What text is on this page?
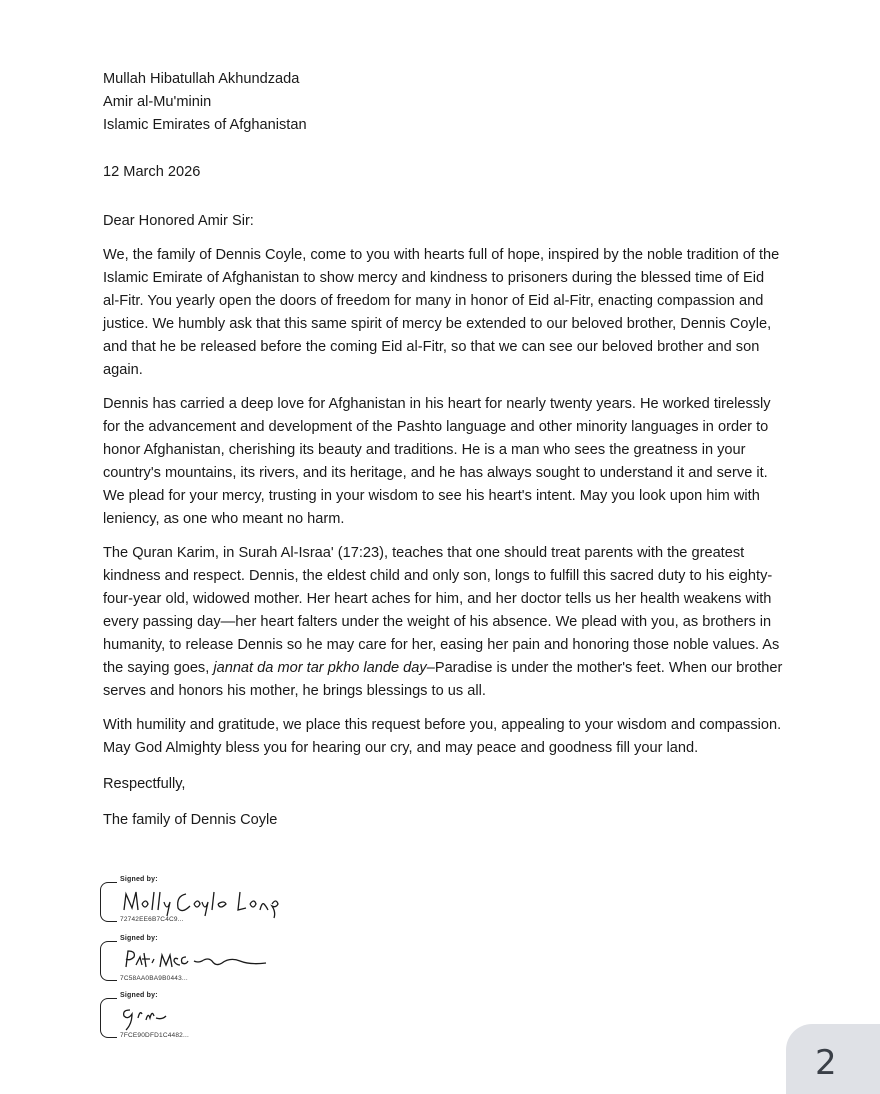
Mullah Hibatullah Akhundzada

Amir al-Mu'minin

Islamic Emirates of Afghanistan

12 March 2026

Dear Honored Amir Sir:

We, the family of Dennis Coyle, come to you with hearts full of hope, inspired by the noble tradition of the Islamic Emirate of Afghanistan to show mercy and kindness to prisoners during the blessed time of Eid al-Fitr. You yearly open the doors of freedom for many in honor of Eid al-Fitr, enacting compassion and justice. We humbly ask that this same spirit of mercy be extended to our beloved brother, Dennis Coyle, and that he be released before the coming Eid al-Fitr, so that we can see our beloved brother and son again.

Dennis has carried a deep love for Afghanistan in his heart for nearly twenty years. He worked tirelessly for the advancement and development of the Pashto language and other minority languages in order to honor Afghanistan, cherishing its beauty and traditions. He is a man who sees the greatness in your country's mountains, its rivers, and its heritage, and he has always sought to understand it and serve it. We plead for your mercy, trusting in your wisdom to see his heart's intent. May you look upon him with leniency, as one who meant no harm.

The Quran Karim, in Surah Al-Israa' (17:23), teaches that one should treat parents with the greatest kindness and respect. Dennis, the eldest child and only son, longs to fulfill this sacred duty to his eighty-four-year old, widowed mother. Her heart aches for him, and her doctor tells us her health weakens with every passing day—her heart falters under the weight of his absence. We plead with you, as brothers in humanity, to release Dennis so he may care for her, easing her pain and honoring those noble values. As the saying goes, jannat da mor tar pkho lande day–Paradise is under the mother's feet. When our brother serves and honors his mother, he brings blessings to us all.

With humility and gratitude, we place this request before you, appealing to your wisdom and compassion. May God Almighty bless you for hearing our cry, and may peace and goodness fill your land.

Respectfully,

The family of Dennis Coyle

Signed by:
72742EE6B7C4C9...
Signed by:
7C58AA0BA9B0443...
Signed by:
7FCE90DFD1C4482...
2
